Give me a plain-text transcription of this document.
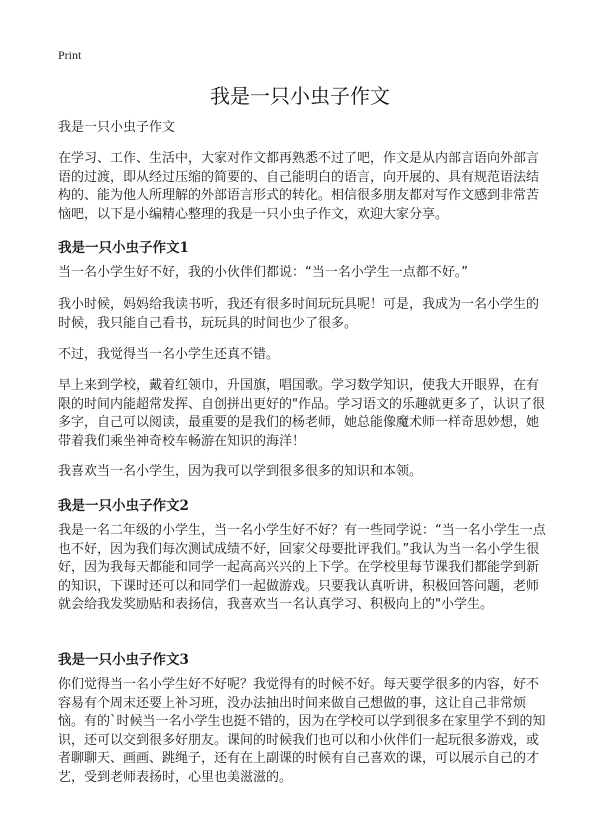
Print
我是一只小虫子作文

我是一只小虫子作文

在学习、工作、生活中，大家对作文都再熟悉不过了吧，作文是从内部言语向外部言语的过渡，即从经过压缩的简要的、自己能明白的语言，向开展的、具有规范语法结构的、能为他人所理解的外部语言形式的转化。相信很多朋友都对写作文感到非常苦恼吧，以下是小编精心整理的我是一只小虫子作文，欢迎大家分享。

我是一只小虫子作文1

当一名小学生好不好，我的小伙伴们都说：“当一名小学生一点都不好。”

我小时候，妈妈给我读书听，我还有很多时间玩玩具呢！可是，我成为一名小学生的时候，我只能自己看书，玩玩具的时间也少了很多。

不过，我觉得当一名小学生还真不错。

早上来到学校，戴着红领巾，升国旗，唱国歌。学习数学知识，使我大开眼界，在有限的时间内能超常发挥、自创拼出更好的"作品。学习语文的乐趣就更多了，认识了很多字，自己可以阅读，最重要的是我们的杨老师，她总能像魔术师一样奇思妙想，她带着我们乘坐神奇校车畅游在知识的海洋！

我喜欢当一名小学生，因为我可以学到很多很多的知识和本领。

我是一只小虫子作文2

我是一名二年级的小学生，当一名小学生好不好？有一些同学说：“当一名小学生一点也不好，因为我们每次测试成绩不好，回家父母要批评我们。”我认为当一名小学生很好，因为我每天都能和同学一起高高兴兴的上下学。在学校里每节课我们都能学到新的知识，下课时还可以和同学们一起做游戏。只要我认真听讲，积极回答问题，老师就会给我发奖励贴和表扬信，我喜欢当一名认真学习、积极向上的"小学生。

我是一只小虫子作文3

你们觉得当一名小学生好不好呢？我觉得有的时候不好。每天要学很多的内容，好不容易有个周末还要上补习班，没办法抽出时间来做自己想做的事，这让自己非常烦恼。有的`时候当一名小学生也挺不错的，因为在学校可以学到很多在家里学不到的知识，还可以交到很多好朋友。课间的时候我们也可以和小伙伴们一起玩很多游戏，或者聊聊天、画画、跳绳子，还有在上副课的时候有自己喜欢的课，可以展示自己的才艺，受到老师表扬时，心里也美滋滋的。
